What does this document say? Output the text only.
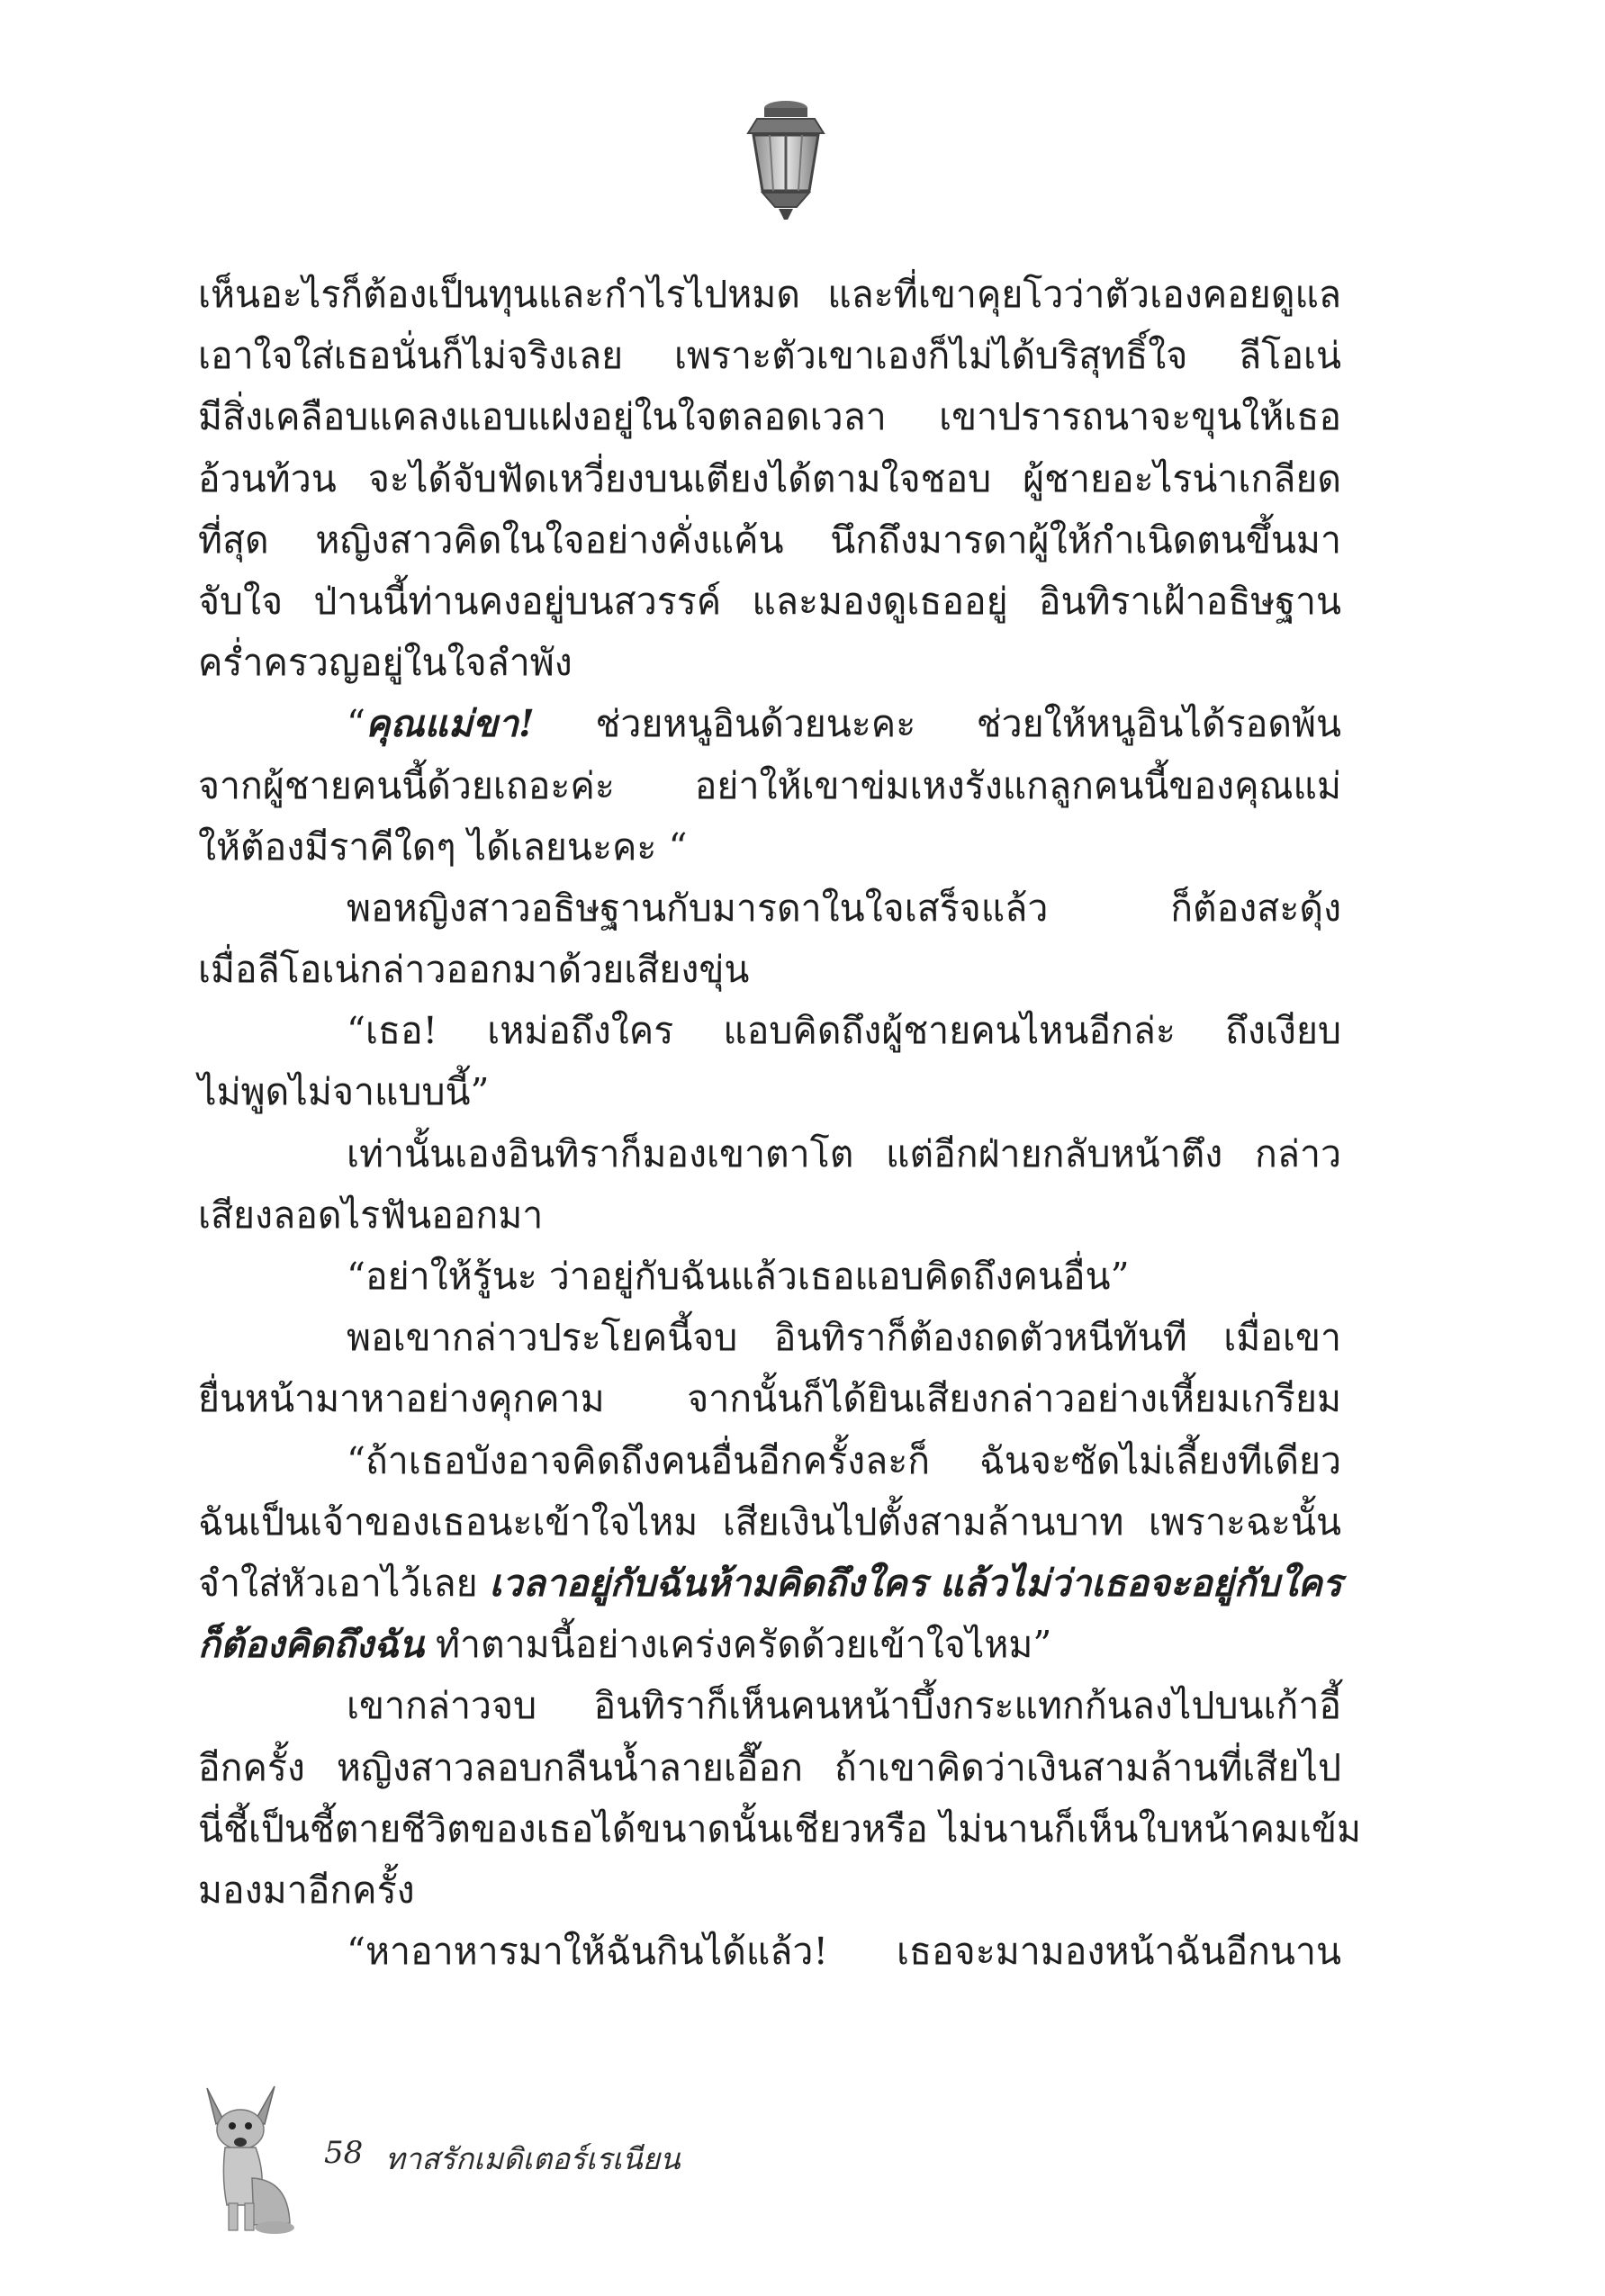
เห็นอะไรก็ต้องเป็นทุนและกำไรไปหมด และที่เขาคุยโวว่าตัวเองคอยดูแล
เอาใจใส่เธอนั่นก็ไม่จริงเลย เพราะตัวเขาเองก็ไม่ได้บริสุทธิ์ใจ ลีโอเน่
มีสิ่งเคลือบแคลงแอบแฝงอยู่ในใจตลอดเวลา เขาปรารถนาจะขุนให้เธอ
อ้วนท้วน จะได้จับฟัดเหวี่ยงบนเตียงได้ตามใจชอบ ผู้ชายอะไรน่าเกลียด
ที่สุด หญิงสาวคิดในใจอย่างคั่งแค้น นึกถึงมารดาผู้ให้กำเนิดตนขึ้นมา
จับใจ ป่านนี้ท่านคงอยู่บนสวรรค์ และมองดูเธออยู่ อินทิราเฝ้าอธิษฐาน
คร่ำครวญอยู่ในใจลำพัง
“คุณแม่ขา! ช่วยหนูอินด้วยนะคะ ช่วยให้หนูอินได้รอดพ้น
จากผู้ชายคนนี้ด้วยเถอะค่ะ อย่าให้เขาข่มเหงรังแกลูกคนนี้ของคุณแม่
ให้ต้องมีราคีใดๆ ได้เลยนะคะ “
พอหญิงสาวอธิษฐานกับมารดาในใจเสร็จแล้ว ก็ต้องสะดุ้ง
เมื่อลีโอเน่กล่าวออกมาด้วยเสียงขุ่น
“เธอ! เหม่อถึงใคร แอบคิดถึงผู้ชายคนไหนอีกล่ะ ถึงเงียบ
ไม่พูดไม่จาแบบนี้”
เท่านั้นเองอินทิราก็มองเขาตาโต แต่อีกฝ่ายกลับหน้าตึง กล่าว
เสียงลอดไรฟันออกมา
“อย่าให้รู้นะ ว่าอยู่กับฉันแล้วเธอแอบคิดถึงคนอื่น”
พอเขากล่าวประโยคนี้จบ อินทิราก็ต้องถดตัวหนีทันที เมื่อเขา
ยื่นหน้ามาหาอย่างคุกคาม จากนั้นก็ได้ยินเสียงกล่าวอย่างเหี้ยมเกรียม
“ถ้าเธอบังอาจคิดถึงคนอื่นอีกครั้งละก็ ฉันจะซัดไม่เลี้ยงทีเดียว
ฉันเป็นเจ้าของเธอนะเข้าใจไหม เสียเงินไปตั้งสามล้านบาท เพราะฉะนั้น
จำใส่หัวเอาไว้เลย เวลาอยู่กับฉันห้ามคิดถึงใคร แล้วไม่ว่าเธอจะอยู่กับใคร
ก็ต้องคิดถึงฉัน ทำตามนี้อย่างเคร่งครัดด้วยเข้าใจไหม”
เขากล่าวจบ อินทิราก็เห็นคนหน้าบึ้งกระแทกก้นลงไปบนเก้าอี้
อีกครั้ง หญิงสาวลอบกลืนน้ำลายเอื๊อก ถ้าเขาคิดว่าเงินสามล้านที่เสียไป
นี่ชี้เป็นชี้ตายชีวิตของเธอได้ขนาดนั้นเชียวหรือ ไม่นานก็เห็นใบหน้าคมเข้ม
มองมาอีกครั้ง
“หาอาหารมาให้ฉันกินได้แล้ว! เธอจะมามองหน้าฉันอีกนาน
58 ทาสรักเมดิเตอร์เรเนียน
